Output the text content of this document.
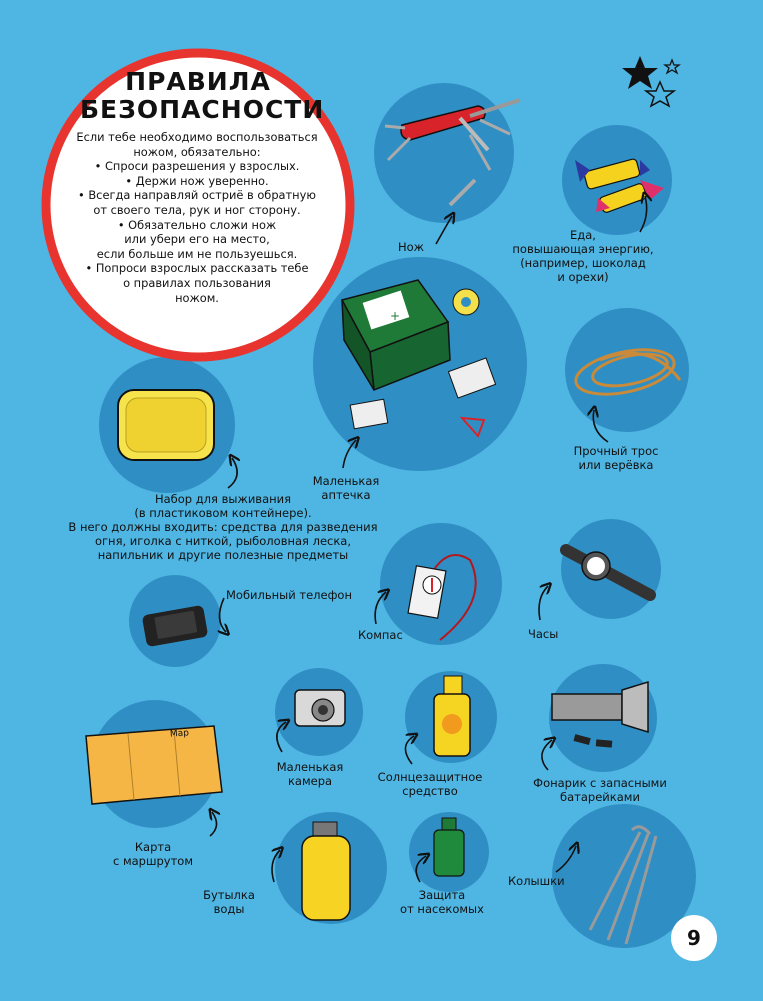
+
Map
ПРАВИЛА
БЕЗОПАСНОСТИ
Если тебе необходимо воспользоваться
ножом, обязательно:
• Спроси разрешения у взрослых.
• Держи нож уверенно.
• Всегда направляй остриё в обратную
от своего тела, рук и ног сторону.
• Обязательно сложи нож
или убери его на место,
если больше им не пользуешься.
• Попроси взрослых рассказать тебе
о правилах пользования
ножом.
Нож
Еда,
повышающая энергию,
(например, шоколад
и орехи)
Маленькая
аптечка
Прочный трос
или верёвка
Набор для выживания
(в пластиковом контейнере).
В него должны входить: средства для разведения
огня, иголка с ниткой, рыболовная леска,
напильник и другие полезные предметы
Мобильный телефон
Компас	Часы
Маленькая
камера	Солнцезащитное
средство
Фонарик с запасными
батарейками
Карта
с маршрутом
Бутылка
воды
Защита
от насекомых
Колышки
9
